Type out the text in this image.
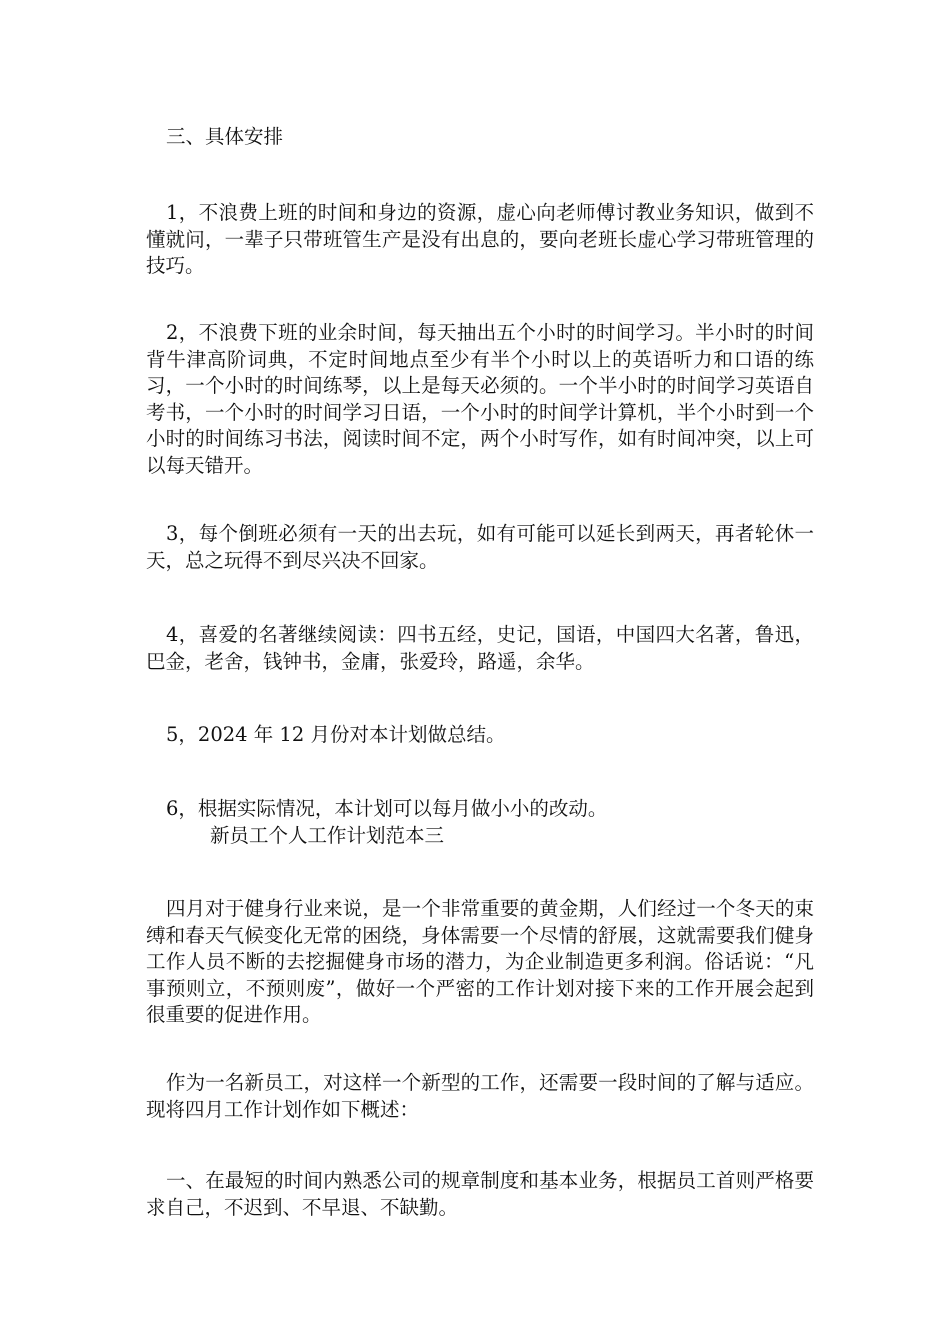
三、具体安排

1，不浪费上班的时间和身边的资源，虚心向老师傅讨教业务知识，做到不懂就问，一辈子只带班管生产是没有出息的，要向老班长虚心学习带班管理的技巧。

2，不浪费下班的业余时间，每天抽出五个小时的时间学习。半小时的时间背牛津高阶词典，不定时间地点至少有半个小时以上的英语听力和口语的练习，一个小时的时间练琴，以上是每天必须的。一个半小时的时间学习英语自考书，一个小时的时间学习日语，一个小时的时间学计算机，半个小时到一个小时的时间练习书法，阅读时间不定，两个小时写作，如有时间冲突，以上可以每天错开。

3，每个倒班必须有一天的出去玩，如有可能可以延长到两天，再者轮休一天，总之玩得不到尽兴决不回家。

4，喜爱的名著继续阅读：四书五经，史记，国语，中国四大名著，鲁迅，巴金，老舍，钱钟书，金庸，张爱玲，路遥，余华。

5，2024 年 12 月份对本计划做总结。

6，根据实际情况，本计划可以每月做小小的改动。

新员工个人工作计划范本三

四月对于健身行业来说，是一个非常重要的黄金期，人们经过一个冬天的束缚和春天气候变化无常的困绕，身体需要一个尽情的舒展，这就需要我们健身工作人员不断的去挖掘健身市场的潜力，为企业制造更多利润。俗话说：“凡事预则立，不预则废”，做好一个严密的工作计划对接下来的工作开展会起到很重要的促进作用。

作为一名新员工，对这样一个新型的工作，还需要一段时间的了解与适应。现将四月工作计划作如下概述：

一、在最短的时间内熟悉公司的规章制度和基本业务，根据员工首则严格要求自己，不迟到、不早退、不缺勤。
